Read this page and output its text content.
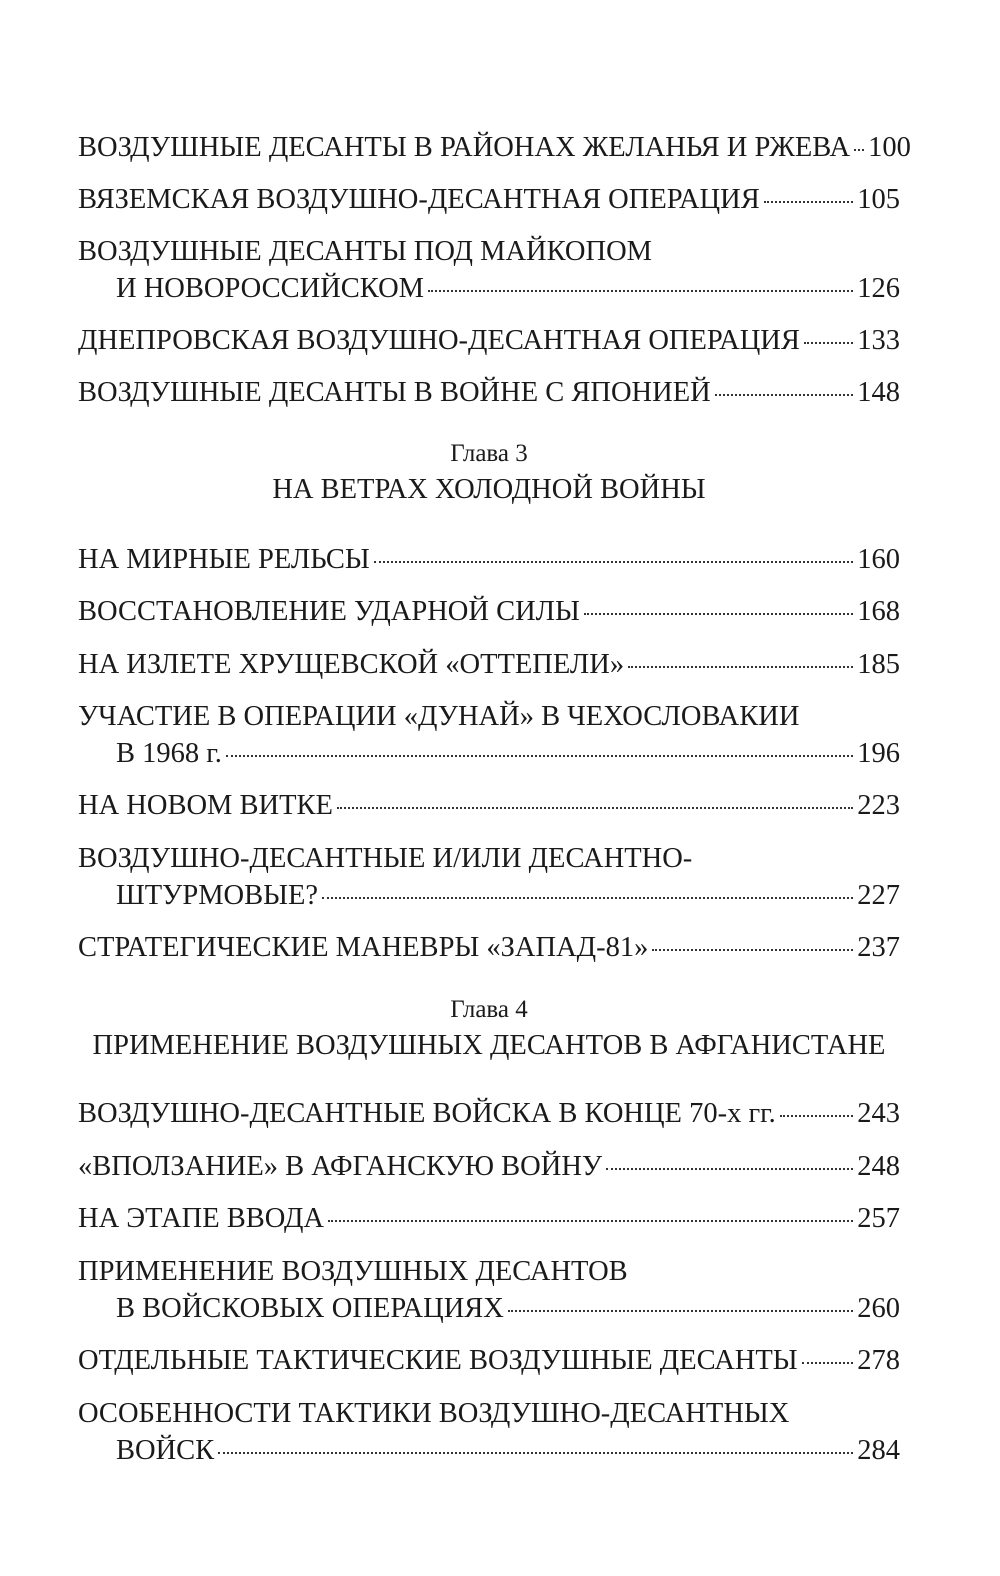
ВОЗДУШНЫЕ ДЕСАНТЫ В РАЙОНАХ ЖЕЛАНЬЯ И РЖЕВА 100
ВЯЗЕМСКАЯ ВОЗДУШНО-ДЕСАНТНАЯ ОПЕРАЦИЯ	105
ВОЗДУШНЫЕ ДЕСАНТЫ ПОД МАЙКОПОМ
И НОВОРОССИЙСКОМ	126
ДНЕПРОВСКАЯ ВОЗДУШНО-ДЕСАНТНАЯ ОПЕРАЦИЯ 133
ВОЗДУШНЫЕ ДЕСАНТЫ В ВОЙНЕ С ЯПОНИЕЙ	148
Глава 3
НА ВЕТРАХ ХОЛОДНОЙ ВОЙНЫ
НА МИРНЫЕ РЕЛЬСЫ	160
ВОССТАНОВЛЕНИЕ УДАРНОЙ СИЛЫ	168
НА ИЗЛЕТЕ ХРУЩЕВСКОЙ «ОТТЕПЕЛИ»	185
УЧАСТИЕ В ОПЕРАЦИИ «ДУНАЙ» В ЧЕХОСЛОВАКИИ
В 1968 г.	196
НА НОВОМ ВИТКЕ	223
ВОЗДУШНО-ДЕСАНТНЫЕ И/ИЛИ ДЕСАНТНО-
ШТУРМОВЫЕ?	227
СТРАТЕГИЧЕСКИЕ МАНЕВРЫ «ЗАПАД-81»	237
Глава 4
ПРИМЕНЕНИЕ ВОЗДУШНЫХ ДЕСАНТОВ В АФГАНИСТАНЕ
ВОЗДУШНО-ДЕСАНТНЫЕ ВОЙСКА В КОНЦЕ 70-х гг.	243
«ВПОЛЗАНИЕ» В АФГАНСКУЮ ВОЙНУ	248
НА ЭТАПЕ ВВОДА	257
ПРИМЕНЕНИЕ ВОЗДУШНЫХ ДЕСАНТОВ
В ВОЙСКОВЫХ ОПЕРАЦИЯХ	260
ОТДЕЛЬНЫЕ ТАКТИЧЕСКИЕ ВОЗДУШНЫЕ ДЕСАНТЫ 278
ОСОБЕННОСТИ ТАКТИКИ ВОЗДУШНО-ДЕСАНТНЫХ
ВОЙСК	284
